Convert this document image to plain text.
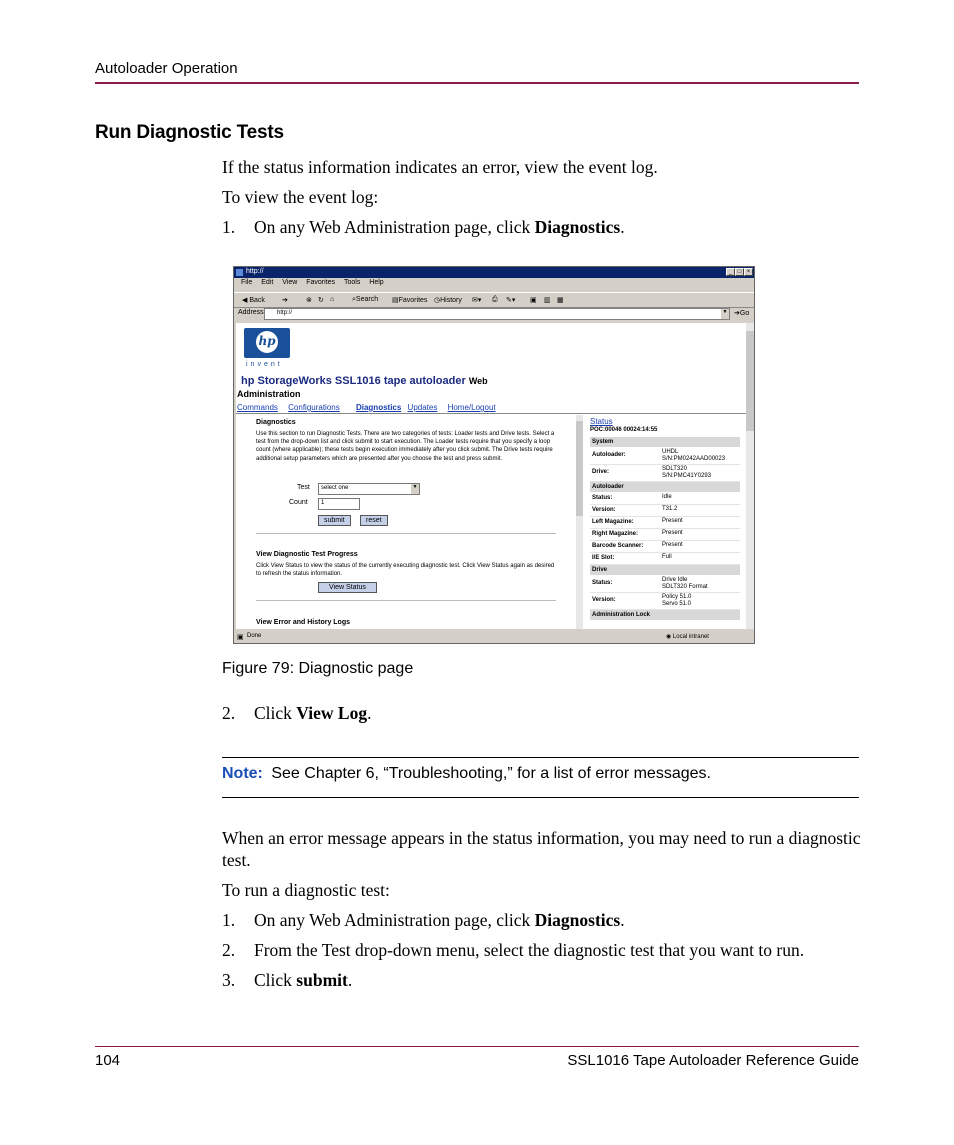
Autoloader Operation
Run Diagnostic Tests
If the status information indicates an error, view the event log.
To view the event log:
1. On any Web Administration page, click Diagnostics.
http://	_ □ ×
File Edit View Favorites Tools Help
◀ Back ➔	⊗ ↻ ⌂	⌕Search ▤Favorites ◷History ✉▾ ⎙ ✎▾ ▣ ▥ ▦
Address http://	▼ ➔Go
hp
invent
hp StorageWorks SSL1016 tape autoloader Web
Administration
Commands Configurations Diagnostics Updates Home/Logout
Diagnostics
Use this section to run Diagnostic Tests. There are two categories of tests: Loader tests and Drive tests. Select a test from the drop-down list and click submit to start execution. The Loader tests require that you specify a loop count (where applicable); these tests begin execution immediately after you click submit. The Drive tests require additional setup parameters which are presented after you choose the test and press submit.
Test select one	▼
Count 1
submit	reset
View Diagnostic Test Progress
Click View Status to view the status of the currently executing diagnostic test. Click View Status again as desired to refresh the status information.
View Status
View Error and History Logs
Status
POC:00046 00024:14:55
System
Autoloader:	UHDL
S/N:PM0242AAD00023
Drive:	SDLT320
S/N:PMC41Y0293
Autoloader
Status:	Idle
Version:	T31.2
Left Magazine:	Present
Right Magazine:	Present
Barcode Scanner:	Present
I/E Slot:	Full
Drive
Status:	Drive Idle
SDLT320 Format
Version:	Policy 51.0
Servo 51.0
Administration Lock
▣ Done	◉ Local intranet
Figure 79: Diagnostic page
2. Click View Log.
Note: See Chapter 6, “Troubleshooting,” for a list of error messages.
When an error message appears in the status information, you may need to run a diagnostic test.
To run a diagnostic test:
1. On any Web Administration page, click Diagnostics.
2. From the Test drop-down menu, select the diagnostic test that you want to run.
3. Click submit.
104	SSL1016 Tape Autoloader Reference Guide
